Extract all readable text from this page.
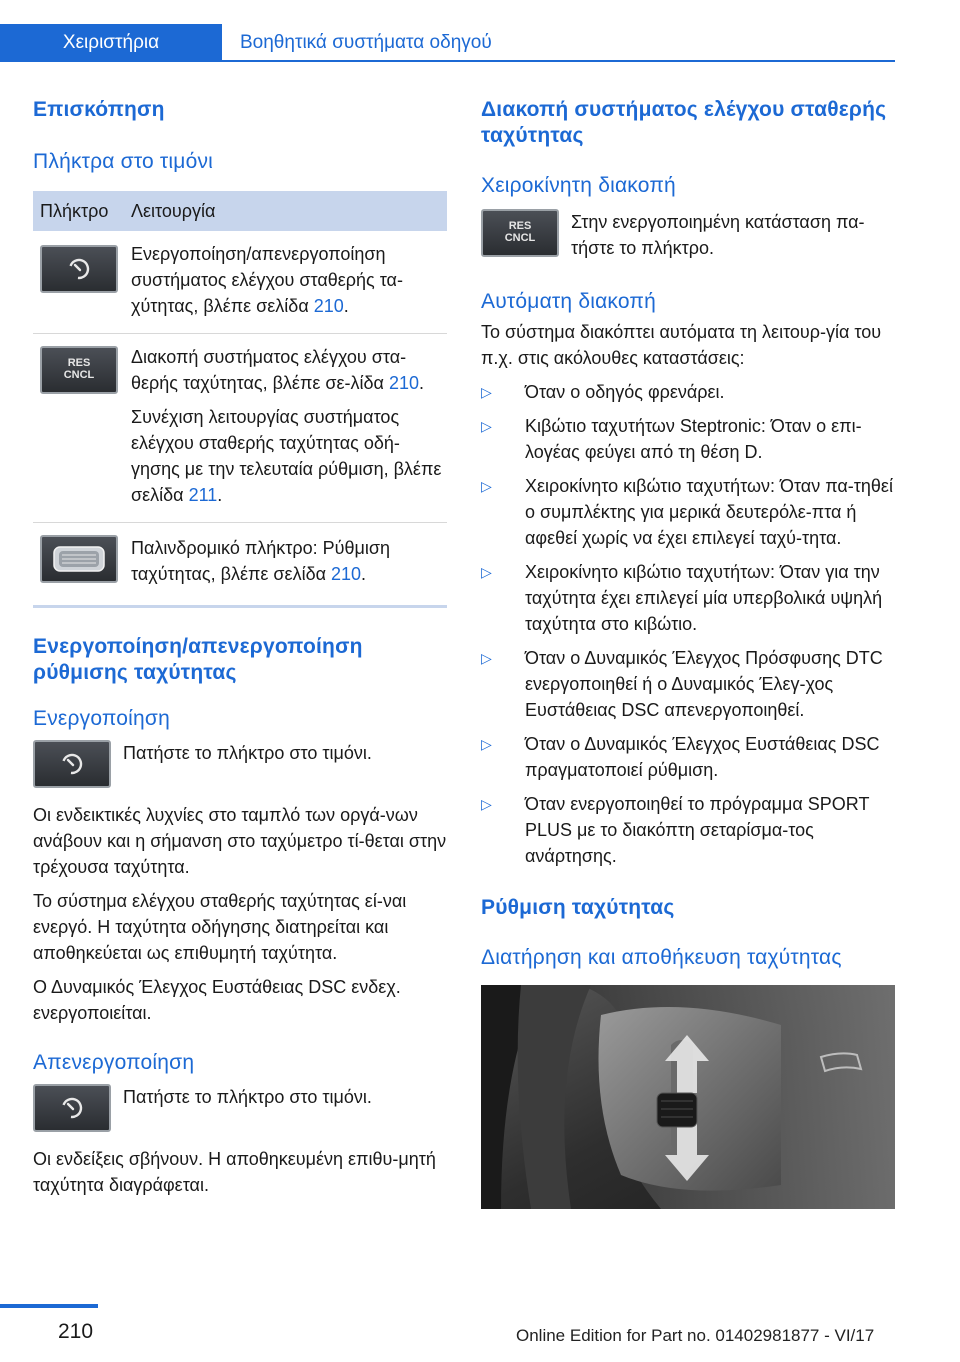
Χειριστήρια	Βοηθητικά συστήματα οδηγού
Επισκόπηση
Πλήκτρα στο τιμόνι
Πλήκτρο Λειτουργία
Ενεργοποίηση/απενεργοποίηση συστήματος ελέγχου σταθερής τα-χύτητας, βλέπε σελίδα 210.
RES
CNCL
Διακοπή συστήματος ελέγχου στα-θερής ταχύτητας, βλέπε σε-λίδα 210.
Συνέχιση λειτουργίας συστήματος ελέγχου σταθερής ταχύτητας οδή-γησης με την τελευταία ρύθμιση, βλέπε σελίδα 211.
Παλινδρομικό πλήκτρο: Ρύθμιση ταχύτητας, βλέπε σελίδα 210.
Ενεργοποίηση/απενεργοποίηση ρύθμισης ταχύτητας
Ενεργοποίηση
Πατήστε το πλήκτρο στο τιμόνι.
Οι ενδεικτικές λυχνίες στο ταμπλό των οργά-νων ανάβουν και η σήμανση στο ταχύμετρο τί-θεται στην τρέχουσα ταχύτητα.
Το σύστημα ελέγχου σταθερής ταχύτητας εί-ναι ενεργό. Η ταχύτητα οδήγησης διατηρείται και αποθηκεύεται ως επιθυμητή ταχύτητα.
Ο Δυναμικός Έλεγχος Ευστάθειας DSC ενδεχ. ενεργοποιείται.
Απενεργοποίηση
Πατήστε το πλήκτρο στο τιμόνι.
Οι ενδείξεις σβήνουν. Η αποθηκευμένη επιθυ-μητή ταχύτητα διαγράφεται.
Διακοπή συστήματος ελέγχου σταθερής ταχύτητας
Χειροκίνητη διακοπή
RES
CNCL
Στην ενεργοποιημένη κατάσταση πα-τήστε το πλήκτρο.
Αυτόματη διακοπή
Το σύστημα διακόπτει αυτόματα τη λειτουρ-γία του π.χ. στις ακόλουθες καταστάσεις:
▷ Όταν ο οδηγός φρενάρει.
▷ Κιβώτιο ταχυτήτων Steptronic: Όταν ο επι-λογέας φεύγει από τη θέση D.
▷ Χειροκίνητο κιβώτιο ταχυτήτων: Όταν πα-τηθεί ο συμπλέκτης για μερικά δευτερόλε-πτα ή αφεθεί χωρίς να έχει επιλεγεί ταχύ-τητα.
▷ Χειροκίνητο κιβώτιο ταχυτήτων: Όταν για την ταχύτητα έχει επιλεγεί μία υπερβολικά υψηλή ταχύτητα στο κιβώτιο.
▷ Όταν ο Δυναμικός Έλεγχος Πρόσφυσης DTC ενεργοποιηθεί ή ο Δυναμικός Έλεγ-χος Ευστάθειας DSC απενεργοποιηθεί.
▷ Όταν ο Δυναμικός Έλεγχος Ευστάθειας DSC πραγματοποιεί ρύθμιση.
▷ Όταν ενεργοποιηθεί το πρόγραμμα SPORT PLUS με το διακόπτη σεταρίσμα-τος ανάρτησης.
Ρύθμιση ταχύτητας
Διατήρηση και αποθήκευση ταχύτητας
210	Online Edition for Part no. 01402981877 - VI/17
